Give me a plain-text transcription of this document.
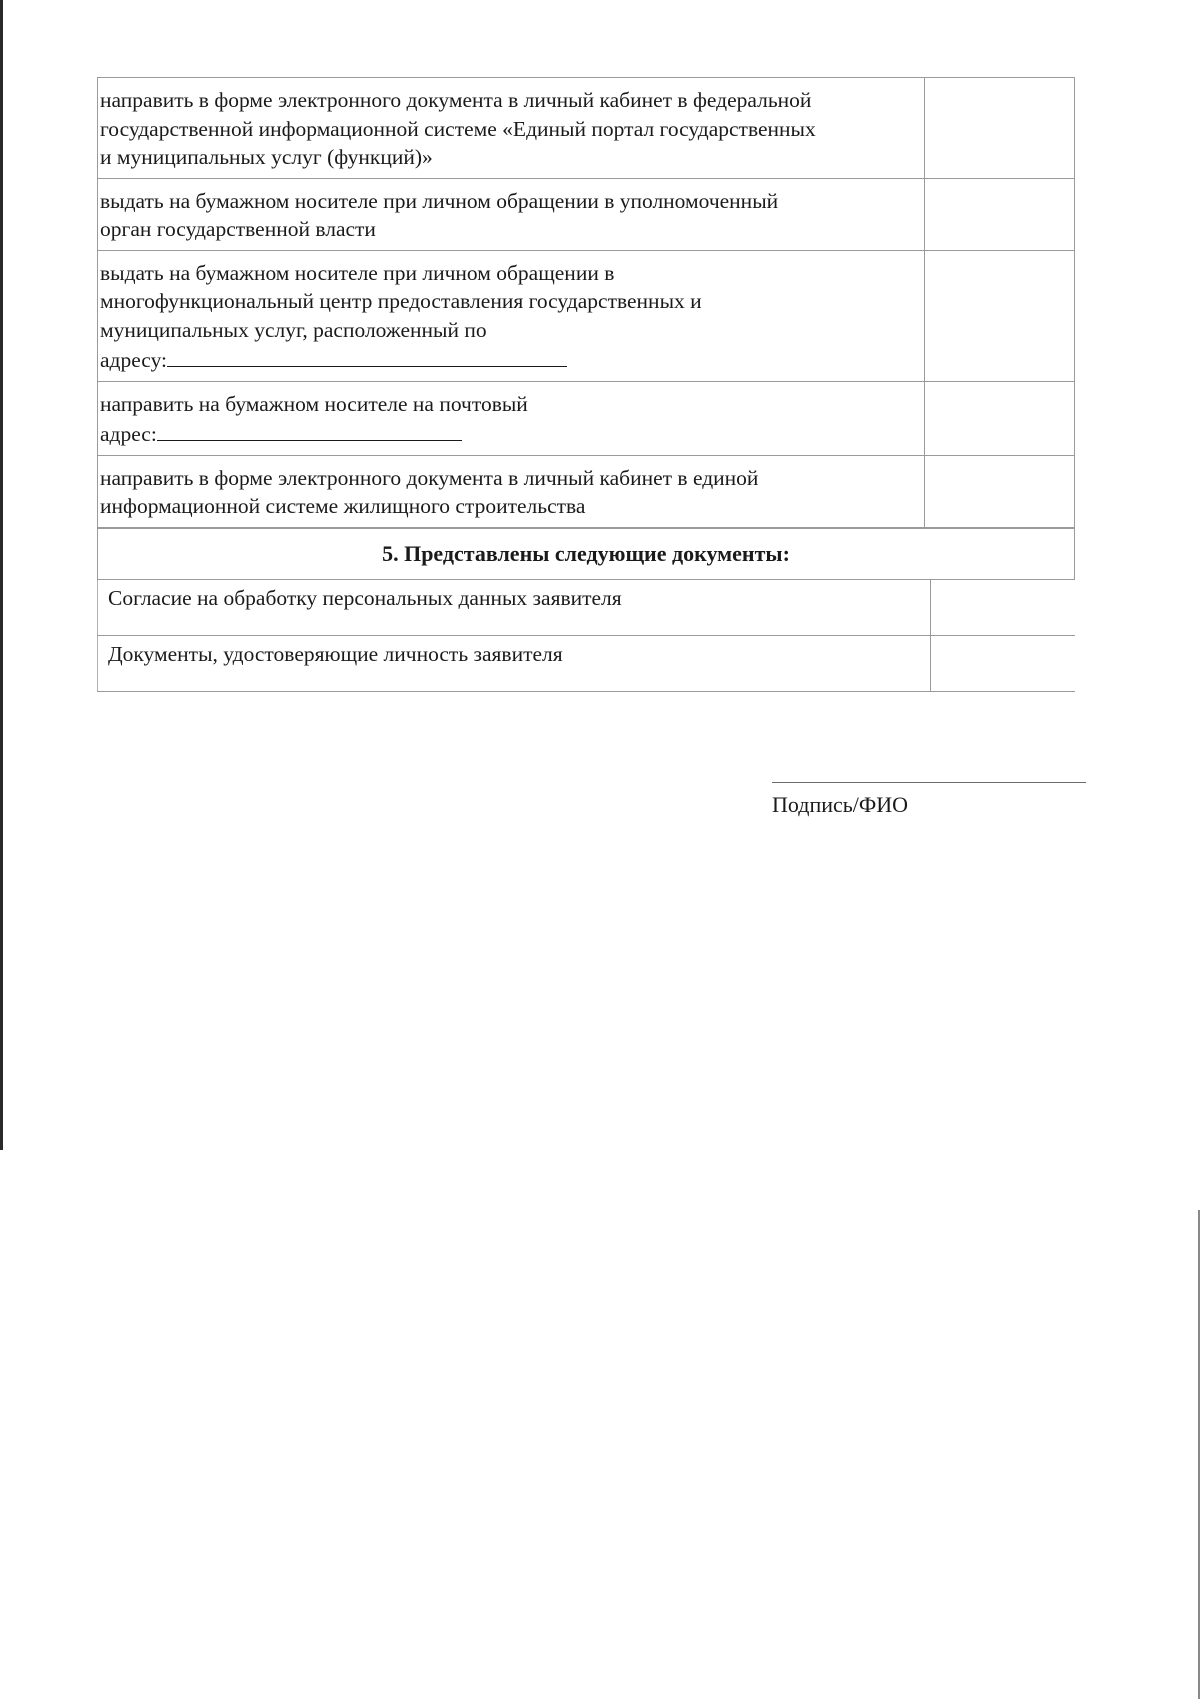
направить в форме электронного документа в личный кабинет в федеральной
государственной информационной системе «Единый портал государственных
и муниципальных услуг (функций)»	

выдать на бумажном носителе при личном обращении в уполномоченный
орган государственной власти	

выдать на бумажном носителе при личном обращении в
многофункциональный центр предоставления государственных и
муниципальных услуг, расположенный по
адресу:	

направить на бумажном носителе на почтовый
адрес:	

направить в форме электронного документа в личный кабинет в единой
информационной системе жилищного строительства	

5. Представлены следующие документы:	
Согласие на обработку персональных данных заявителя	
Документы, удостоверяющие личность заявителя	
Подпись/ФИО
